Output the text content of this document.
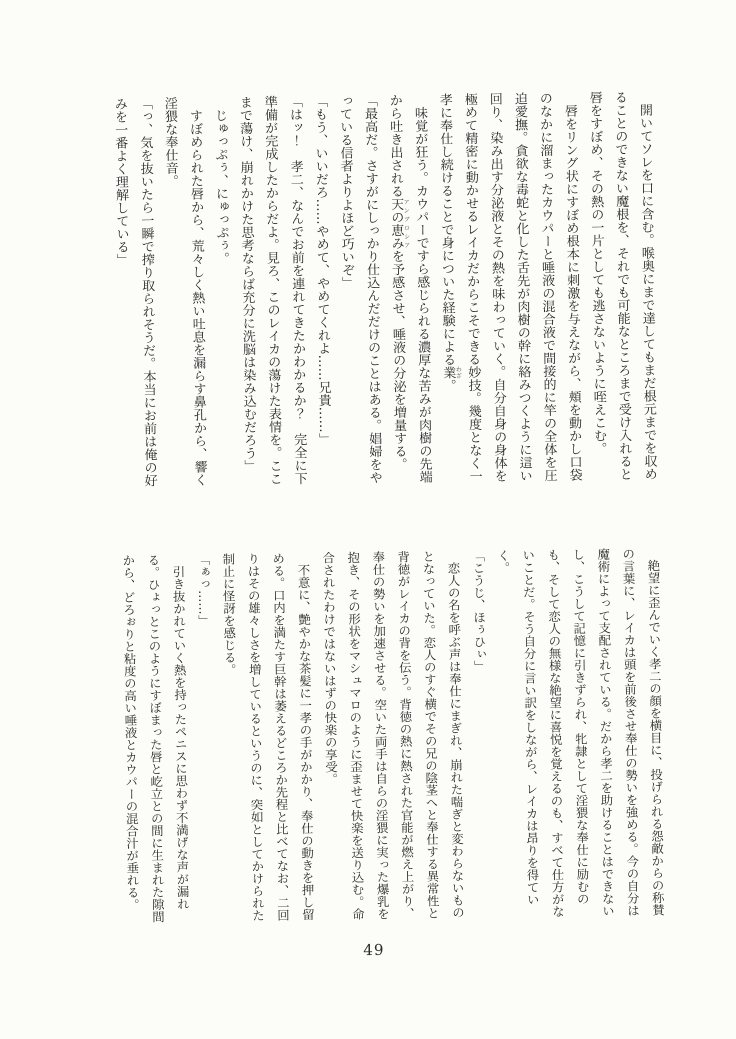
開いてソレを口に含む。喉奥にまで達してもまだ根元までを収めることのできない魔根を、それでも可能なところまで受け入れると唇をすぼめ、その熱の一片としても逃さないように咥えこむ。

唇をリング状にすぼめ根本に刺激を与えながら、頬を動かし口袋のなかに溜まったカウパーと唾液の混合液で間接的に竿の全体を圧迫愛撫。貪欲な毒蛇と化した舌先が肉樹の幹に絡みつくように這い回り、染み出す分泌液とその熱を味わっていく。自分自身の身体を極めて精密に動かせるレイカだからこそできる妙技。幾度となく一孝に奉仕し続けることで身についた経験による業わざ。

味覚が狂う。カウパーですら感じられる濃厚な苦みが肉樹の先端から吐き出される天の恵みアンブロシアを予感させ、唾液の分泌を増量する。

「最高だ。さすがにしっかり仕込んだだけのことはある。娼婦をやっている信者よりよほど巧いぞ」

「もう、いいだろ……やめて、やめてくれよ……兄貴……」

「はッ！　孝二、なんでお前を連れてきたかわかるか？　完全に下準備が完成したからだよ。見ろ、このレイカの蕩けた表情を。ここまで蕩け、崩れかけた思考ならば充分に洗脳は染み込むだろう」

じゅっぷぅ、にゅっぷぅ。

すぼめられた唇から、荒々しく熱い吐息を漏らす鼻孔から、響く淫猥な奉仕音。

「っ、気を抜いたら一瞬で搾り取られそうだ。本当にお前は俺の好みを一番よく理解している」

絶望に歪んでいく孝二の顔を横目に、投げられる怨敵からの称賛の言葉に、レイカは頭を前後させ奉仕の勢いを強める。今の自分は魔術によって支配されている。だから孝二を助けることはできないし、こうして記憶に引きずられ、牝隷として淫猥な奉仕に励むのも、そして恋人の無様な絶望に喜悦を覚えるのも、すべて仕方がないことだ。そう自分に言い訳をしながら、レイカは昂りを得ていく。

「こうじ、ほぅひぃ」

恋人の名を呼ぶ声は奉仕にまぎれ、崩れた喘ぎと変わらないものとなっていた。恋人のすぐ横でその兄の陰茎へと奉仕する異常性と背徳がレイカの背を伝う。背徳の熱に熱された官能が燃え上がり、奉仕の勢いを加速させる。空いた両手は自らの淫猥に実った爆乳を抱き、その形状をマシュマロのように歪ませて快楽を送り込む。命合されたわけではないはずの快楽の享受。

不意に、艶やかな茶髪に一孝の手がかかり、奉仕の動きを押し留める。口内を満たす巨幹は萎えるどころか先程と比べてなお、二回りはその雄々しさを増しているというのに、突如としてかけられた制止に怪訝を感じる。

「ぁっ……」

引き抜かれていく熱を持ったペニスに思わず不満げな声が漏れる。ひょっとこのようにすぼまった唇と屹立との間に生まれた隙間から、どろぉりと粘度の高い唾液とカウパーの混合汁が垂れる。

49
